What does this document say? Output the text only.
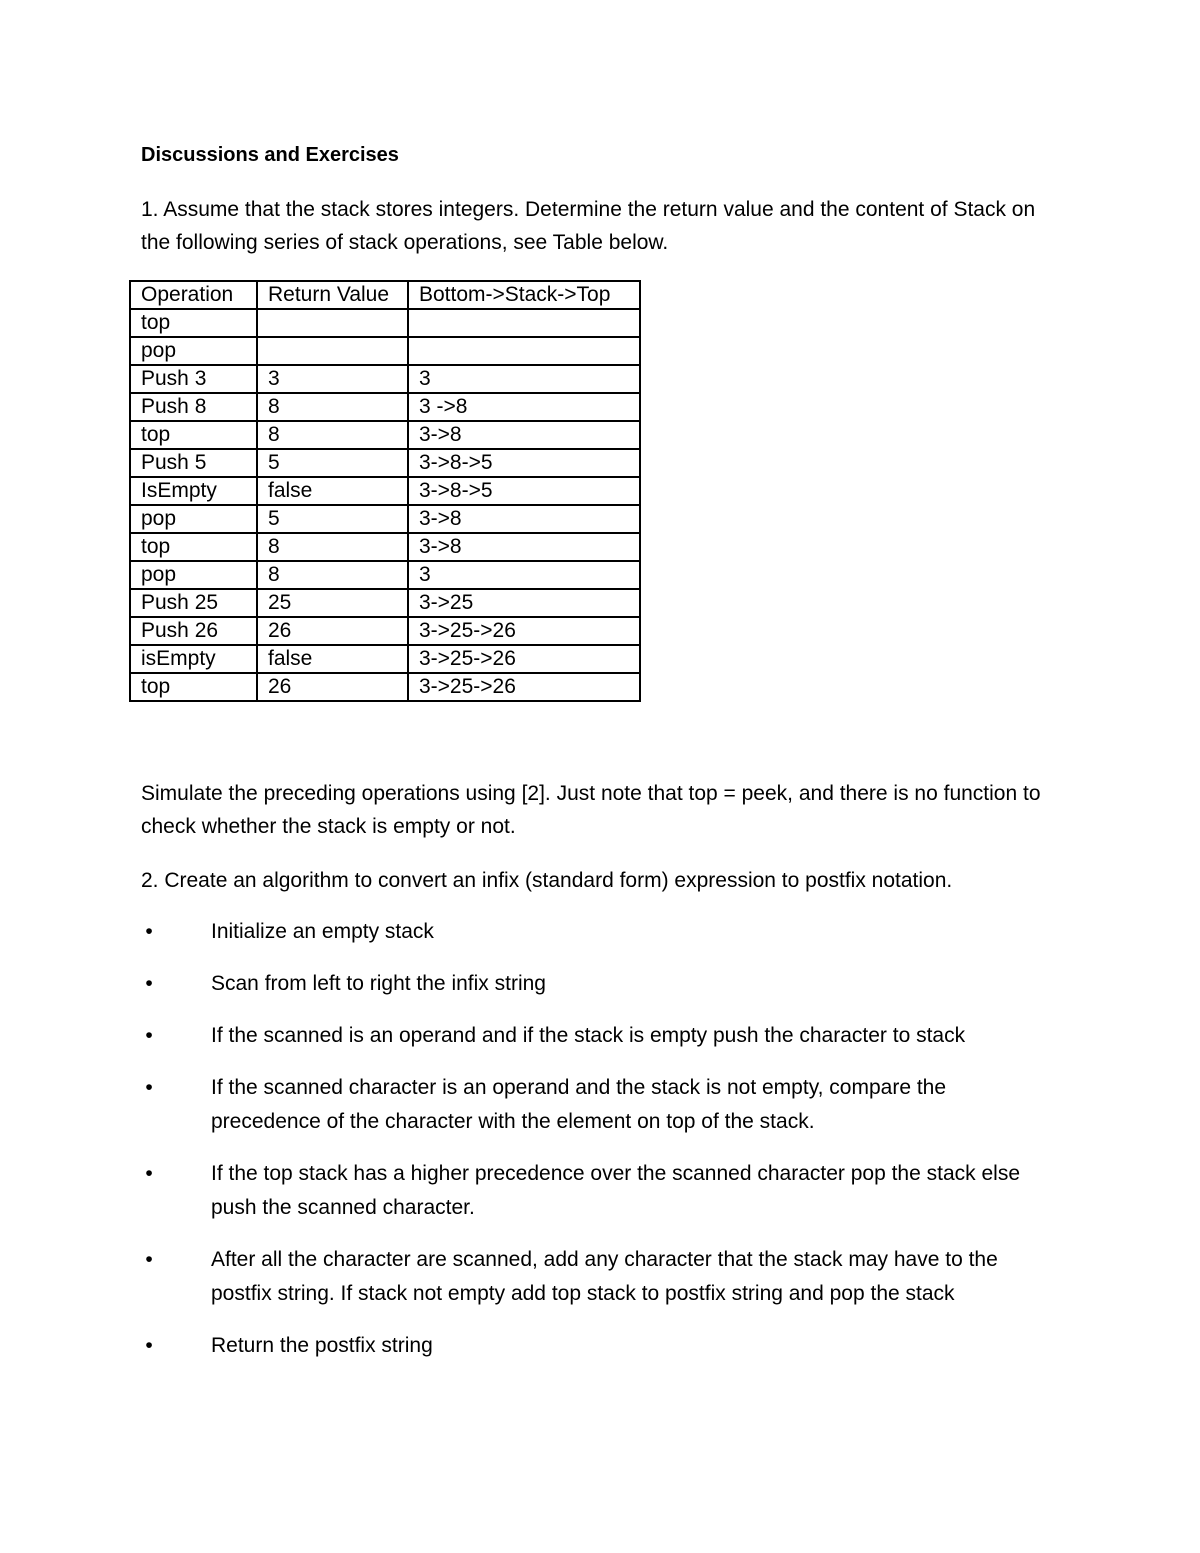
Discussions and Exercises
1. Assume that the stack stores integers. Determine the return value and the content of Stack on the following series of stack operations, see Table below.
Operation	Return Value	Bottom->Stack->Top
top		
pop		
Push 3	3	3
Push 8	8	3 ->8
top	8	3->8
Push 5	5	3->8->5
IsEmpty	false	3->8->5
pop	5	3->8
top	8	3->8
pop	8	3
Push 25	25	3->25
Push 26	26	3->25->26
isEmpty	false	3->25->26
top	26	3->25->26
Simulate the preceding operations using [2]. Just note that top = peek, and there is no function to check whether the stack is empty or not.
2. Create an algorithm to convert an infix (standard form) expression to postfix notation.
•	Initialize an empty stack
•	Scan from left to right the infix string
•	If the scanned is an operand and if the stack is empty push the character to stack
•	If the scanned character is an operand and the stack is not empty, compare the precedence of the character with the element on top of the stack.
•	If the top stack has a higher precedence over the scanned character pop the stack else push the scanned character.
•	After all the character are scanned, add any character that the stack may have to the postfix string. If stack not empty add top stack to postfix string and pop the stack
•	Return the postfix string
